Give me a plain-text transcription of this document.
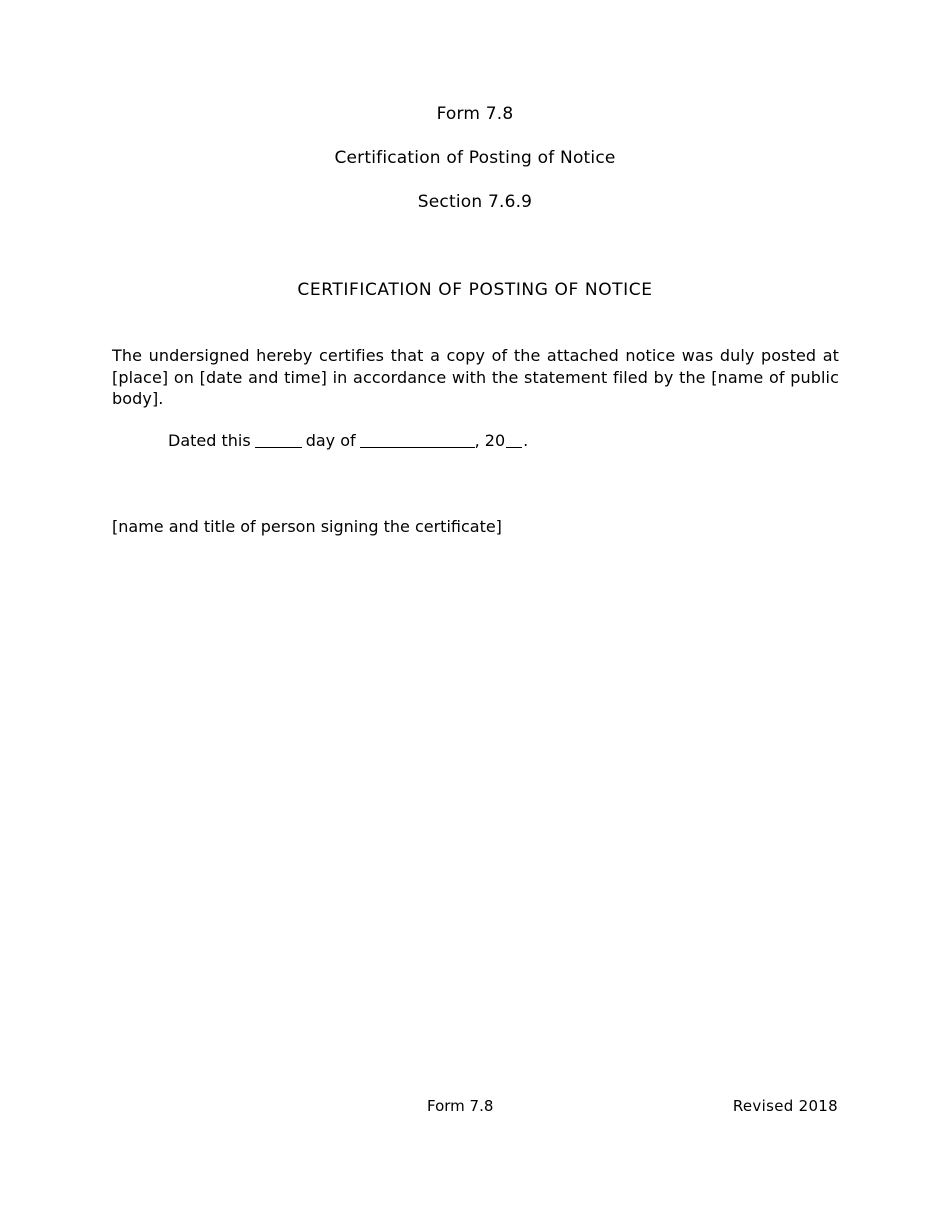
Form 7.8
Certification of Posting of Notice
Section 7.6.9
CERTIFICATION OF POSTING OF NOTICE
The undersigned hereby certifies that a copy of the attached notice was duly posted at [place] on [date and time] in accordance with the statement filed by the [name of public body].
Dated this	day of	, 20 .
[name and title of person signing the certificate]
Form 7.8	Revised 2018
